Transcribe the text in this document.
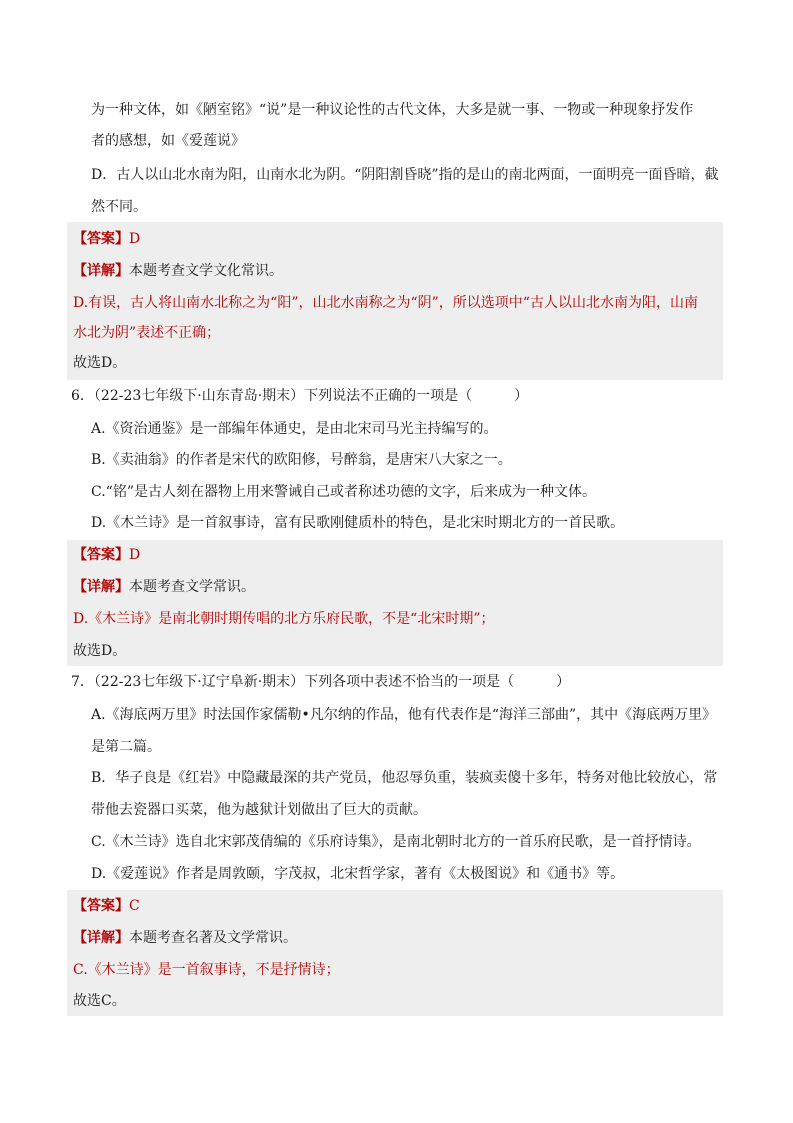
为一种文体，如《陋室铭》“说”是一种议论性的古代文体，大多是就一事、一物或一种现象抒发作

者的感想，如《爱莲说》

D．古人以山北水南为阳，山南水北为阴。“阴阳割昏晓”指的是山的南北两面，一面明亮一面昏暗，截

然不同。

【答案】D

【详解】本题考查文学文化常识。

D.有误，古人将山南水北称之为“阳”，山北水南称之为“阴”，所以选项中“古人以山北水南为阳，山南

水北为阴”表述不正确；

故选D。

6．（22-23七年级下·山东青岛·期末）下列说法不正确的一项是（　　　）

A.《资治通鉴》是一部编年体通史，是由北宋司马光主持编写的。

B.《卖油翁》的作者是宋代的欧阳修，号醉翁，是唐宋八大家之一。

C.“铭”是古人刻在器物上用来警诫自己或者称述功德的文字，后来成为一种文体。

D.《木兰诗》是一首叙事诗，富有民歌刚健质朴的特色，是北宋时期北方的一首民歌。

【答案】D

【详解】本题考查文学常识。

D.《木兰诗》是南北朝时期传唱的北方乐府民歌，不是“北宋时期”；

故选D。

7．（22-23七年级下·辽宁阜新·期末）下列各项中表述不恰当的一项是（　　　）

A.《海底两万里》时法国作家儒勒•凡尔纳的作品，他有代表作是“海洋三部曲”，其中《海底两万里》

是第二篇。

B．华子良是《红岩》中隐藏最深的共产党员，他忍辱负重，装疯卖傻十多年，特务对他比较放心，常

带他去瓷器口买菜，他为越狱计划做出了巨大的贡献。

C.《木兰诗》选自北宋郭茂倩编的《乐府诗集》，是南北朝时北方的一首乐府民歌，是一首抒情诗。

D.《爱莲说》作者是周敦颐，字茂叔，北宋哲学家，著有《太极图说》和《通书》等。

【答案】C

【详解】本题考查名著及文学常识。

C.《木兰诗》是一首叙事诗，不是抒情诗；

故选C。
